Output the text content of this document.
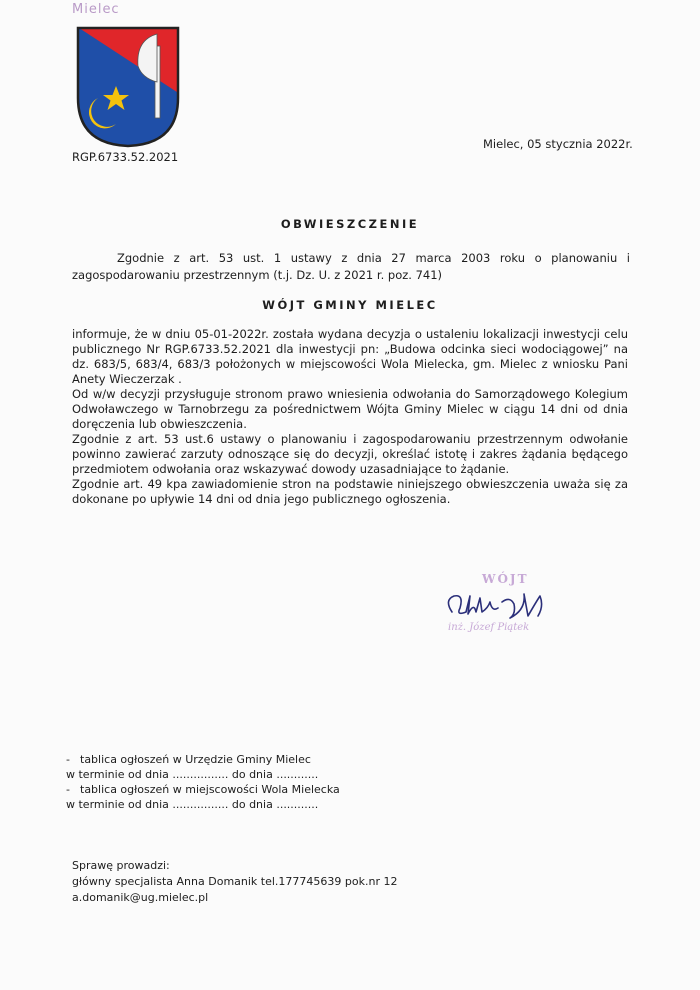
Mielec
RGP.6733.52.2021
Mielec, 05 stycznia 2022r.
OBWIESZCZENIE
Zgodnie z art. 53 ust. 1 ustawy z dnia 27 marca 2003 roku o planowaniu i zagospodarowaniu przestrzennym (t.j. Dz. U. z 2021 r. poz. 741)
WÓJT GMINY MIELEC

informuje, że w dniu 05-01-2022r. została wydana decyzja o ustaleniu lokalizacji inwestycji celu publicznego Nr RGP.6733.52.2021 dla inwestycji pn: „Budowa odcinka sieci wodociągowej” na dz. 683/5, 683/4, 683/3 położonych w miejscowości Wola Mielecka, gm. Mielec z wniosku Pani Anety Wieczerzak .

Od w/w decyzji przysługuje stronom prawo wniesienia odwołania do Samorządowego Kolegium Odwoławczego w Tarnobrzegu za pośrednictwem Wójta Gminy Mielec w ciągu 14 dni od dnia doręczenia lub obwieszczenia.

Zgodnie z art. 53 ust.6 ustawy o planowaniu i zagospodarowaniu przestrzennym odwołanie powinno zawierać zarzuty odnoszące się do decyzji, określać istotę i zakres żądania będącego przedmiotem odwołania oraz wskazywać dowody uzasadniające to żądanie.

Zgodnie art. 49 kpa zawiadomienie stron na podstawie niniejszego obwieszczenia uważa się za dokonane po upływie 14 dni od dnia jego publicznego ogłoszenia.

WÓJT
inż. Józef Piątek
- tablica ogłoszeń w Urzędzie Gminy Mielec
w terminie od dnia ................ do dnia ............
- tablica ogłoszeń w miejscowości Wola Mielecka
w terminie od dnia ................ do dnia ............
Sprawę prowadzi:
główny specjalista Anna Domanik tel.177745639 pok.nr 12
a.domanik@ug.mielec.pl
